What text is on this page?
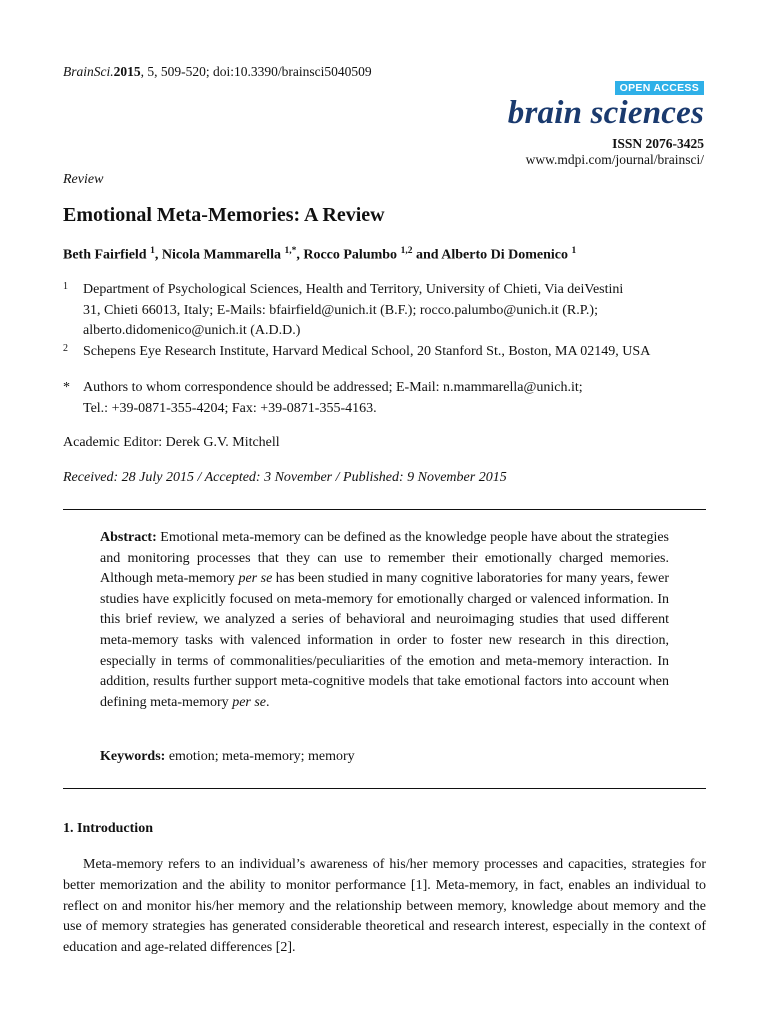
BrainSci.2015, 5, 509-520; doi:10.3390/brainsci5040509
OPEN ACCESS
brain sciences
ISSN 2076-3425
www.mdpi.com/journal/brainsci/
Review
Emotional Meta-Memories: A Review
Beth Fairfield $^1$, Nicola Mammarella $^{1,*}$, Rocco Palumbo $^{1,2}$ and Alberto Di Domenico $^1$
1 Department of Psychological Sciences, Health and Territory, University of Chieti, Via deiVestini
31, Chieti 66013, Italy; E-Mails: bfairfield@unich.it (B.F.); rocco.palumbo@unich.it (R.P.);
alberto.didomenico@unich.it (A.D.D.)
2 Schepens Eye Research Institute, Harvard Medical School, 20 Stanford St., Boston, MA 02149, USA
* Authors to whom correspondence should be addressed; E-Mail: n.mammarella@unich.it;
Tel.: +39-0871-355-4204; Fax: +39-0871-355-4163.
Academic Editor: Derek G.V. Mitchell
Received: 28 July 2015 / Accepted: 3 November / Published: 9 November 2015
Abstract: Emotional meta-memory can be defined as the knowledge people have about the strategies and monitoring processes that they can use to remember their emotionally charged memories. Although meta-memory per se has been studied in many cognitive laboratories for many years, fewer studies have explicitly focused on meta-memory for emotionally charged or valenced information. In this brief review, we analyzed a series of behavioral and neuroimaging studies that used different meta-memory tasks with valenced information in order to foster new research in this direction, especially in terms of commonalities/peculiarities of the emotion and meta-memory interaction. In addition, results further support meta-cognitive models that take emotional factors into account when defining meta-memory per se.
Keywords: emotion; meta-memory; memory
1. Introduction
Meta-memory refers to an individual’s awareness of his/her memory processes and capacities, strategies for better memorization and the ability to monitor performance [1]. Meta-memory, in fact, enables an individual to reflect on and monitor his/her memory and the relationship between memory, knowledge about memory and the use of memory strategies has generated considerable theoretical and research interest, especially in the context of education and age-related differences [2].
